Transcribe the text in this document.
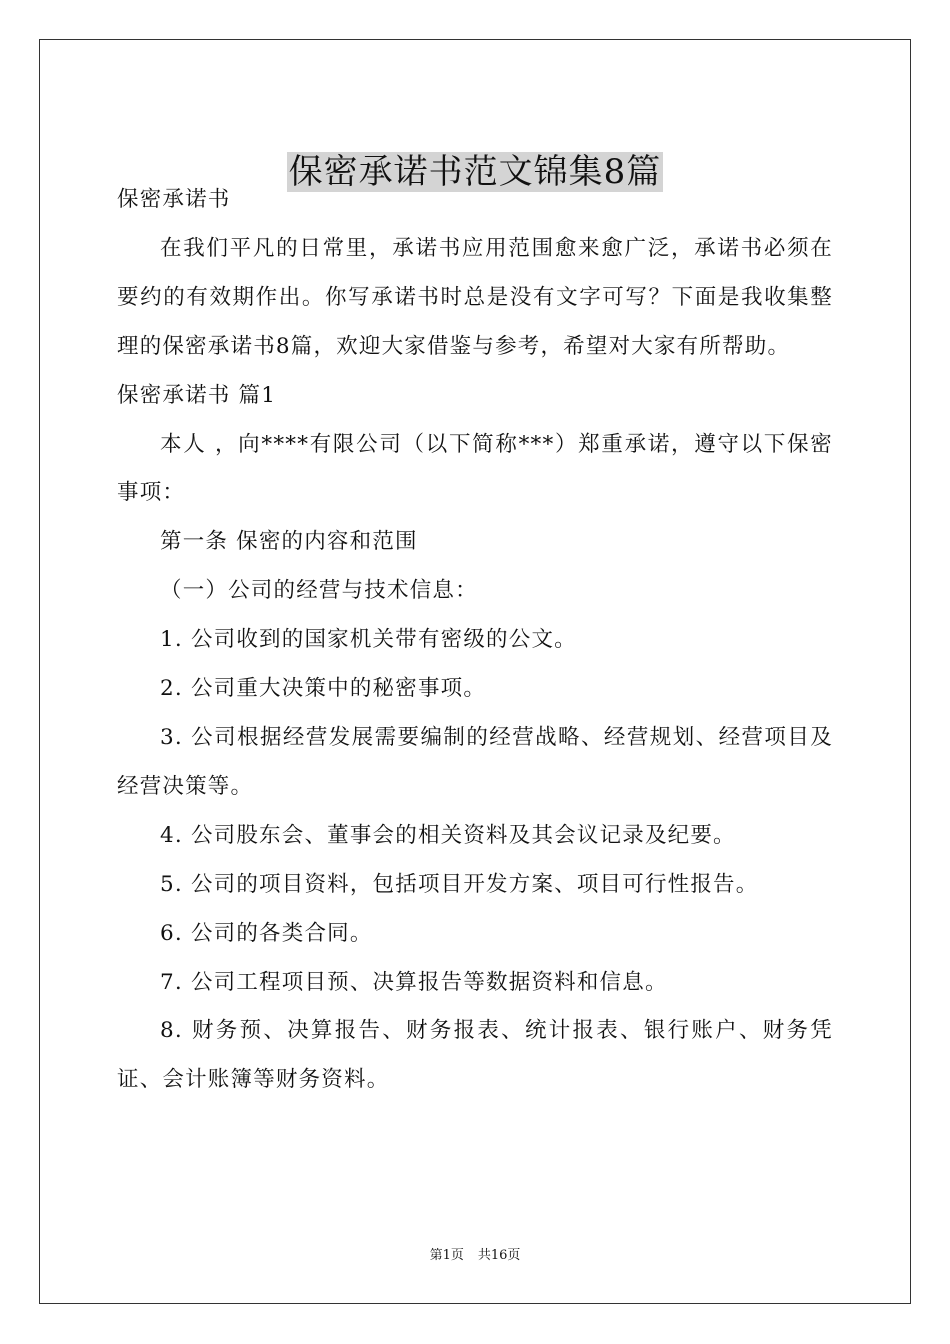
保密承诺书范文锦集8篇

保密承诺书

在我们平凡的日常里，承诺书应用范围愈来愈广泛，承诺书必须在要约的有效期作出。你写承诺书时总是没有文字可写？下面是我收集整理的保密承诺书8篇，欢迎大家借鉴与参考，希望对大家有所帮助。

保密承诺书 篇1

本人 ，向****有限公司（以下简称***）郑重承诺，遵守以下保密事项：

第一条 保密的内容和范围

（一）公司的经营与技术信息：

1. 公司收到的国家机关带有密级的公文。

2. 公司重大决策中的秘密事项。

3. 公司根据经营发展需要编制的经营战略、经营规划、经营项目及经营决策等。

4. 公司股东会、董事会的相关资料及其会议记录及纪要。

5. 公司的项目资料，包括项目开发方案、项目可行性报告。

6. 公司的各类合同。

7. 公司工程项目预、决算报告等数据资料和信息。

8. 财务预、决算报告、财务报表、统计报表、银行账户、财务凭证、会计账簿等财务资料。

第1页 共16页
